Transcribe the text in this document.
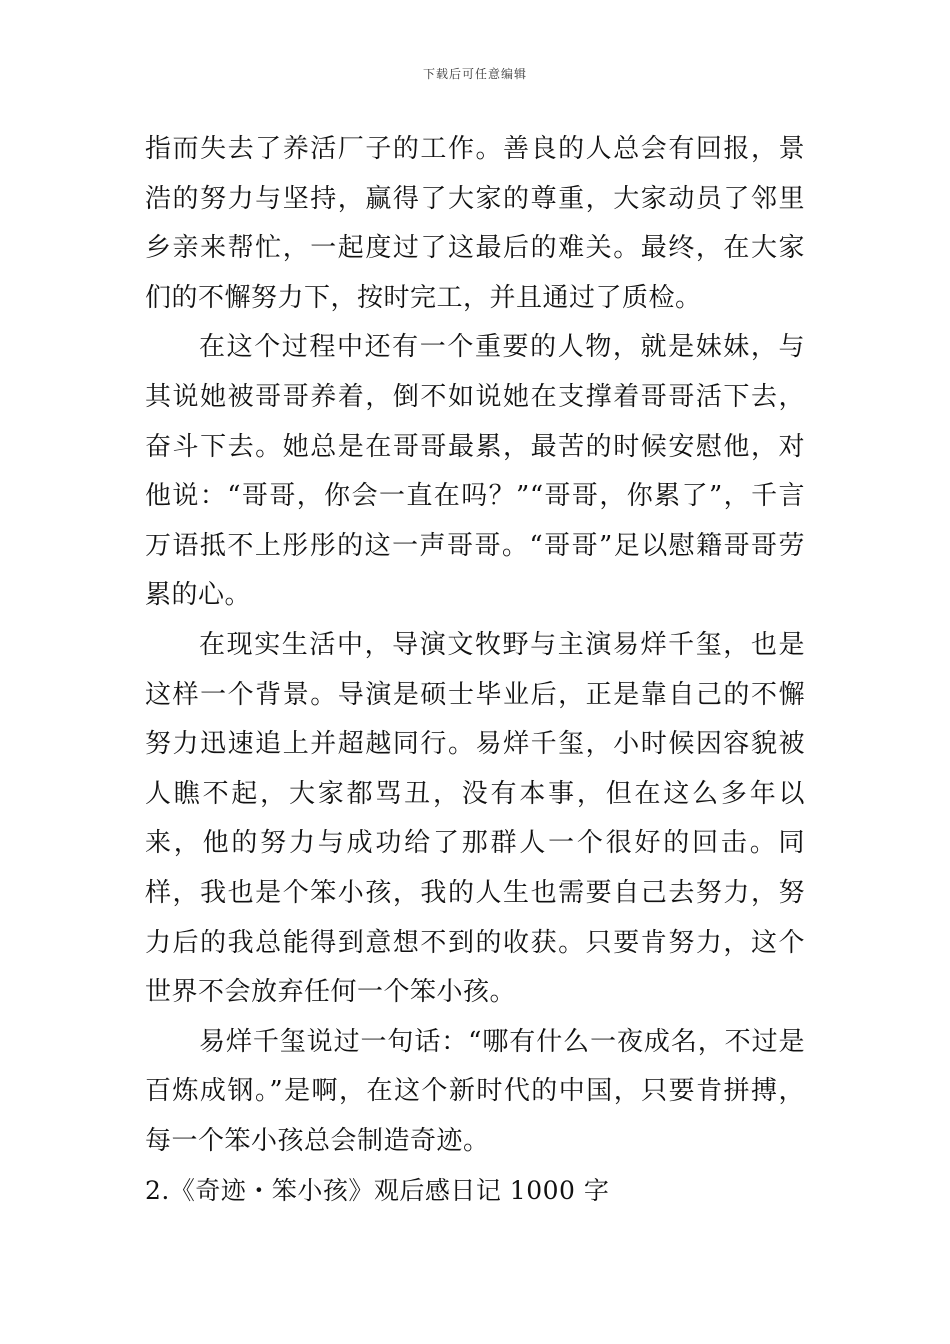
下载后可任意编辑

指而失去了养活厂子的工作。善良的人总会有回报，景浩的努力与坚持，赢得了大家的尊重，大家动员了邻里乡亲来帮忙，一起度过了这最后的难关。最终，在大家们的不懈努力下，按时完工，并且通过了质检。

在这个过程中还有一个重要的人物，就是妹妹，与其说她被哥哥养着，倒不如说她在支撑着哥哥活下去，奋斗下去。她总是在哥哥最累，最苦的时候安慰他，对他说：“哥哥，你会一直在吗？”“哥哥，你累了”，千言万语抵不上彤彤的这一声哥哥。“哥哥”足以慰籍哥哥劳累的心。

在现实生活中，导演文牧野与主演易烊千玺，也是这样一个背景。导演是硕士毕业后，正是靠自己的不懈努力迅速追上并超越同行。易烊千玺，小时候因容貌被人瞧不起，大家都骂丑，没有本事，但在这么多年以来，他的努力与成功给了那群人一个很好的回击。同样，我也是个笨小孩，我的人生也需要自己去努力，努力后的我总能得到意想不到的收获。只要肯努力，这个世界不会放弃任何一个笨小孩。

易烊千玺说过一句话：“哪有什么一夜成名，不过是百炼成钢。”是啊，在这个新时代的中国，只要肯拼搏，每一个笨小孩总会制造奇迹。

2.《奇迹・笨小孩》观后感日记 1000 字
